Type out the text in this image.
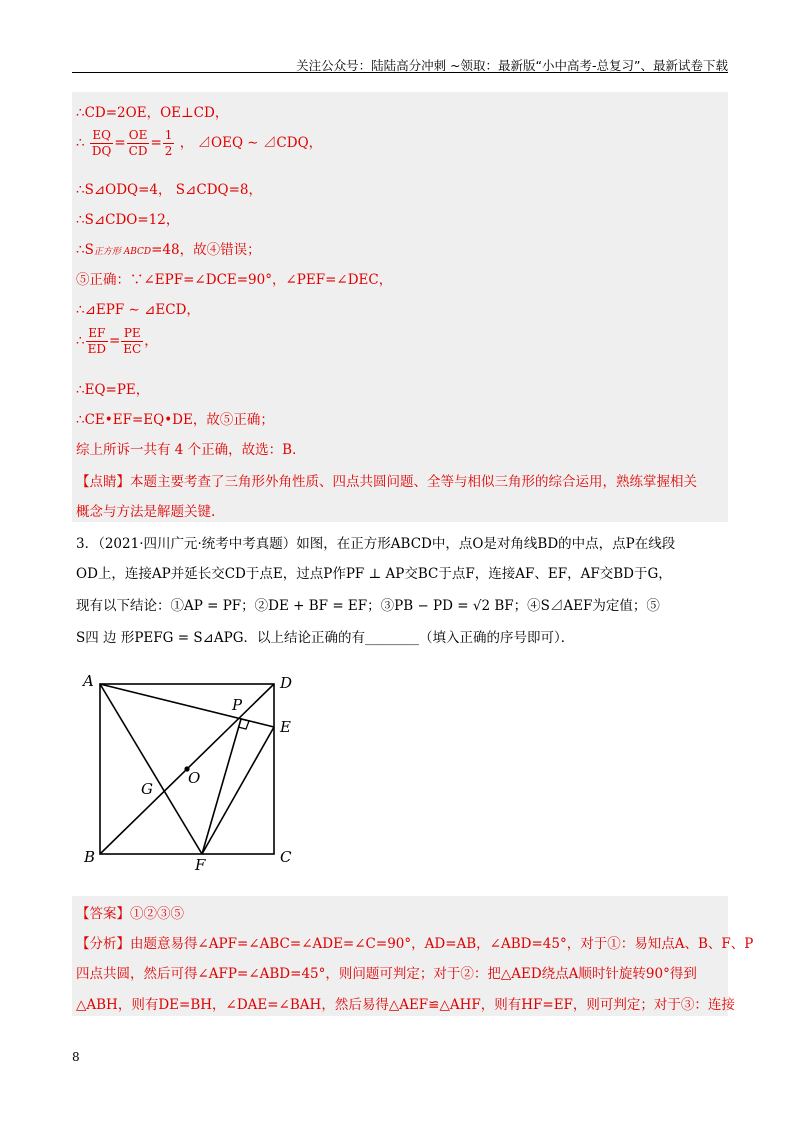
关注公众号：陆陆高分冲刺 ~领取：最新版“小中高考-总复习”、最新试卷下载
∴CD=2OE，OE⊥CD，
∴ $\frac{EQ}{DQ} = \frac{OE}{CD} = \frac{1}{2}$ ， ⊿OEQ ∼ ⊿CDQ，
∴S⊿ODQ=4， S⊿CDQ=8，
∴S⊿CDO=12，
∴S正方形 ABCD=48，故④错误；
⑤正确：∵∠EPF=∠DCE=90°，∠PEF=∠DEC，
∴⊿EPF ∼ ⊿ECD，
∴ $\frac{EF}{ED} = \frac{PE}{EC}$ ，
∴EQ=PE，
∴CE•EF=EQ•DE，故⑤正确；
综上所诉一共有 4 个正确，故选：B．
【点睛】本题主要考查了三角形外角性质、四点共圆问题、全等与相似三角形的综合运用，熟练掌握相关
概念与方法是解题关键.
3．（2021·四川广元·统考中考真题）如图，在正方形ABCD中，点O是对角线BD的中点，点P在线段
OD上，连接AP并延长交CD于点E，过点P作PF ⊥ AP交BC于点F，连接AF、EF，AF交BD于G，
现有以下结论：①AP = PF；②DE + BF = EF；③PB − PD = √2 BF；④S⊿AEF为定值；⑤
S四 边 形PEFG = S⊿APG．以上结论正确的有________（填入正确的序号即可）．
A	D
P
E
O
G
B	F	C
【答案】①②③⑤
【分析】由题意易得∠APF=∠ABC=∠ADE=∠C=90°，AD=AB，∠ABD=45°，对于①：易知点A、B、F、P
四点共圆，然后可得∠AFP=∠ABD=45°，则问题可判定；对于②：把△AED绕点A顺时针旋转90°得到
△ABH，则有DE=BH，∠DAE=∠BAH，然后易得△AEF≌△AHF，则有HF=EF，则可判定；对于③：连接
8
